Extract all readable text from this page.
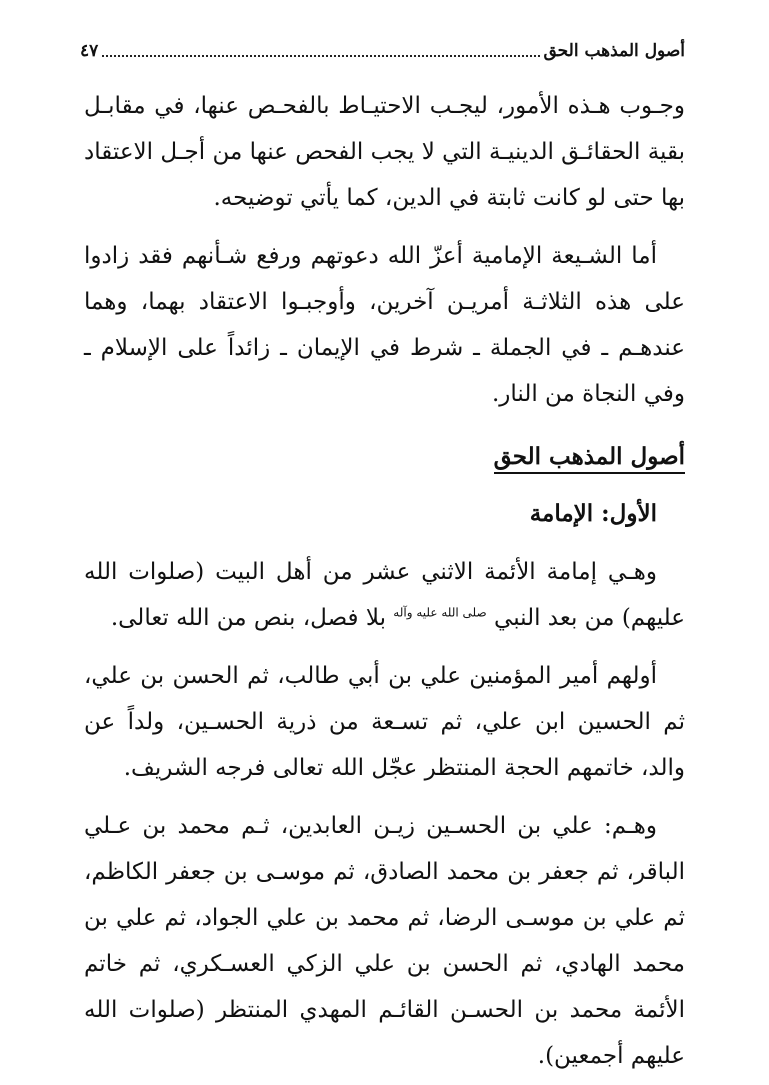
أصول المذهب الحق
٤٧

وجـوب هـذه الأمور، ليجـب الاحتيـاط بالفحـص عنها، في مقابـل بقية الحقائـق الدينيـة التي لا يجب الفحص عنها من أجـل الاعتقاد بها حتى لو كانت ثابتة في الدين، كما يأتي توضيحه.

أما الشـيعة الإمامية أعزّ الله دعوتهم ورفع شـأنهم فقد زادوا على هذه الثلاثـة أمريـن آخرين، وأوجبـوا الاعتقاد بهما، وهما عندهـم ـ في الجملة ـ شرط في الإيمان ـ زائداً على الإسلام ـ وفي النجاة من النار.

أصول المذهب الحق

الأول: الإمامة

وهـي إمامة الأئمة الاثني عشر من أهل البيت (صلوات الله عليهم) من بعد النبي $^{صلى الله عليه وآله}$ بلا فصل، بنص من الله تعالى.

أولهم أمير المؤمنين علي بن أبي طالب، ثم الحسن بن علي، ثم الحسين ابن علي، ثم تسـعة من ذرية الحسـين، ولداً عن والد، خاتمهم الحجة المنتظر عجّل الله تعالى فرجه الشريف.

وهـم: علي بن الحسـين زيـن العابدين، ثـم محمد بن عـلي الباقر، ثم جعفر بن محمد الصادق، ثم موسـى بن جعفر الكاظم، ثم علي بن موسـى الرضا، ثم محمد بن علي الجواد، ثم علي بن محمد الهادي، ثم الحسن بن علي الزكي العسـكري، ثم خاتم الأئمة محمد بن الحسـن القائـم المهدي المنتظر (صلوات الله عليهم أجمعين).
